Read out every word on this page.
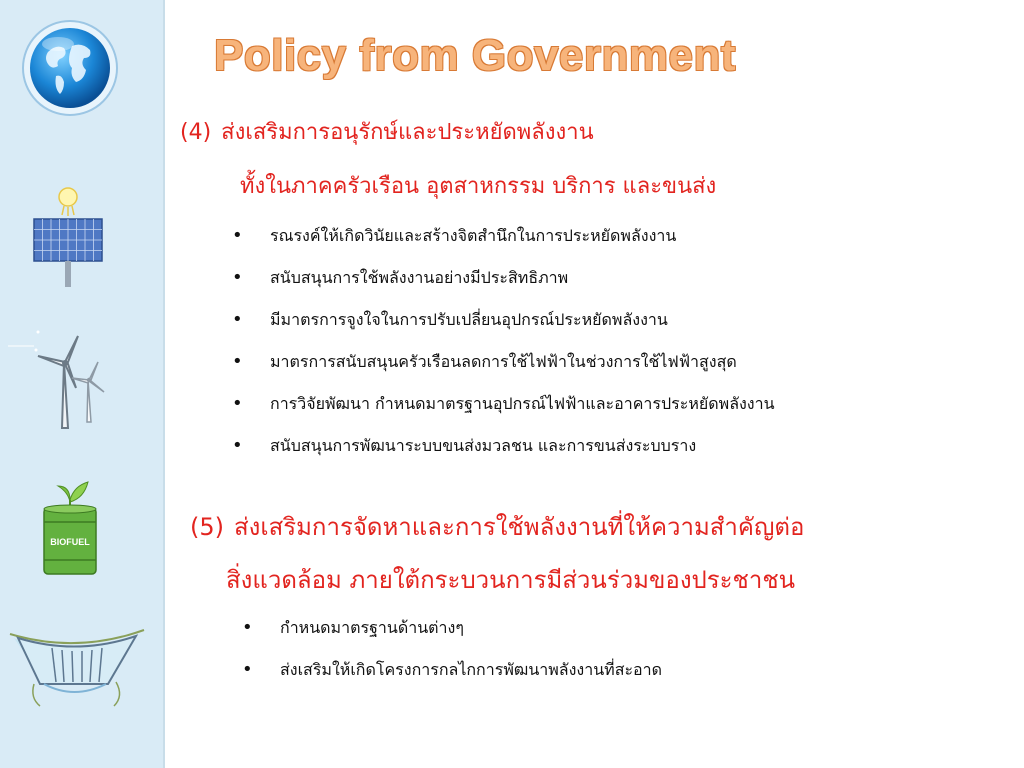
BIOFUEL
Policy from Government
(4) ส่งเสริมการอนุรักษ์และประหยัดพลังงาน
ทั้งในภาคครัวเรือน อุตสาหกรรม บริการ และขนส่ง
• รณรงค์ให้เกิดวินัยและสร้างจิตสำนึกในการประหยัดพลังงาน
• สนับสนุนการใช้พลังงานอย่างมีประสิทธิภาพ
• มีมาตรการจูงใจในการปรับเปลี่ยนอุปกรณ์ประหยัดพลังงาน
• มาตรการสนับสนุนครัวเรือนลดการใช้ไฟฟ้าในช่วงการใช้ไฟฟ้าสูงสุด
• การวิจัยพัฒนา กำหนดมาตรฐานอุปกรณ์ไฟฟ้าและอาคารประหยัดพลังงาน
• สนับสนุนการพัฒนาระบบขนส่งมวลชน และการขนส่งระบบราง
(5) ส่งเสริมการจัดหาและการใช้พลังงานที่ให้ความสำคัญต่อ
สิ่งแวดล้อม ภายใต้กระบวนการมีส่วนร่วมของประชาชน
• กำหนดมาตรฐานด้านต่างๆ
• ส่งเสริมให้เกิดโครงการกลไกการพัฒนาพลังงานที่สะอาด
